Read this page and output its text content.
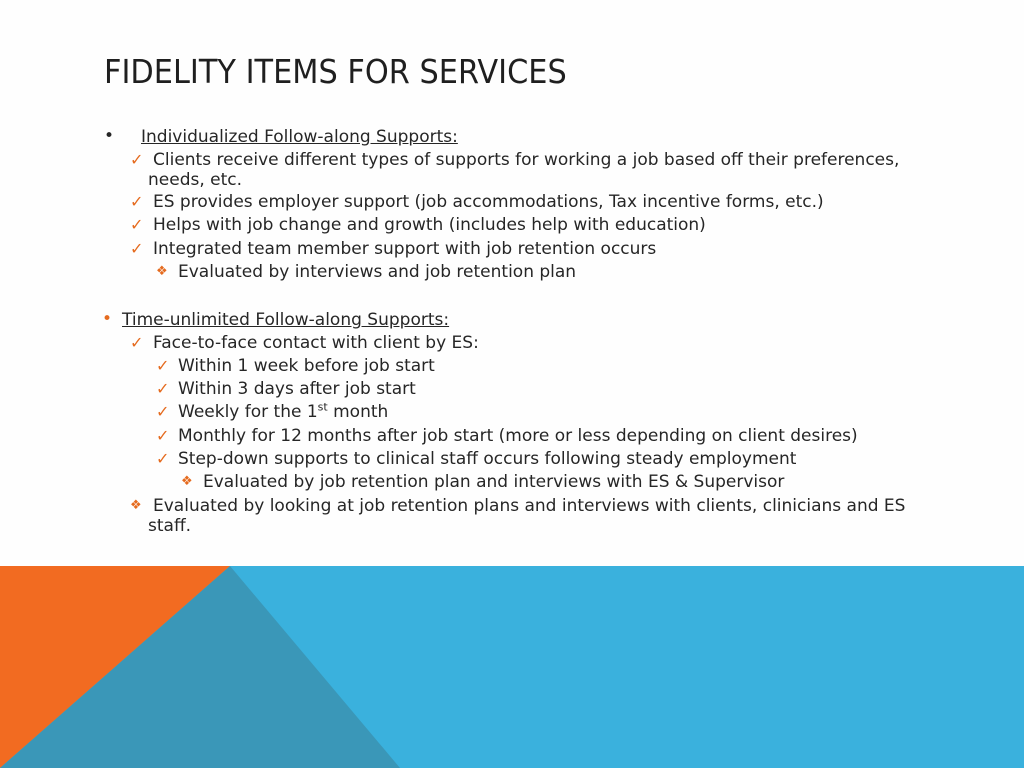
FIDELITY ITEMS FOR SERVICES
• Individualized Follow-along Supports:
✓ Clients receive different types of supports for working a job based off their preferences,
needs, etc.
✓ ES provides employer support (job accommodations, Tax incentive forms, etc.)
✓ Helps with job change and growth (includes help with education)
✓ Integrated team member support with job retention occurs
❖ Evaluated by interviews and job retention plan
• Time-unlimited Follow-along Supports:
✓ Face-to-face contact with client by ES:
✓ Within 1 week before job start
✓ Within 3 days after job start
✓ Weekly for the 1st month
✓ Monthly for 12 months after job start (more or less depending on client desires)
✓ Step-down supports to clinical staff occurs following steady employment
❖ Evaluated by job retention plan and interviews with ES & Supervisor
❖ Evaluated by looking at job retention plans and interviews with clients, clinicians and ES
staff.
